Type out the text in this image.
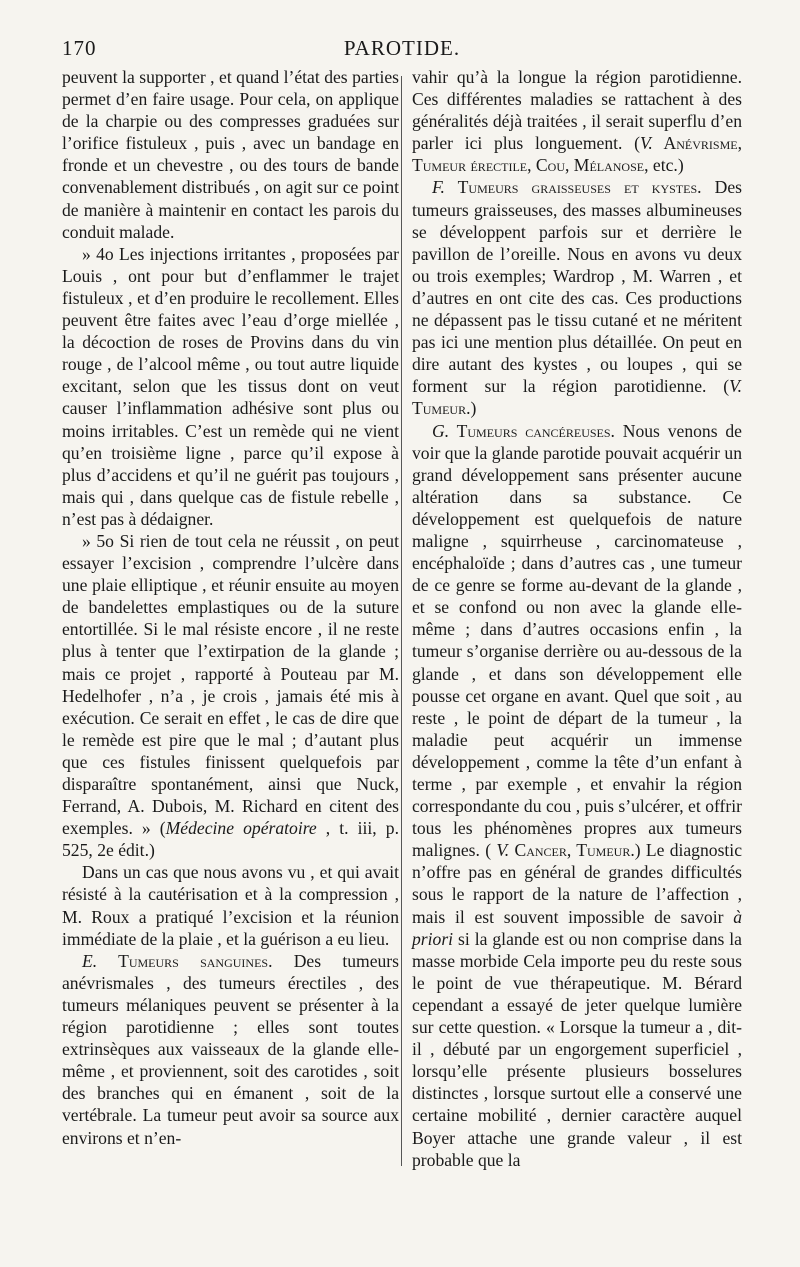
170	PAROTIDE.

peuvent la supporter , et quand l’état des parties permet d’en faire usage. Pour cela, on applique de la charpie ou des compresses graduées sur l’orifice fistuleux , puis , avec un bandage en fronde et un chevestre , ou des tours de bande convenablement distribués , on agit sur ce point de manière à maintenir en contact les parois du conduit malade.

» 4o Les injections irritantes , proposées par Louis , ont pour but d’enflammer le trajet fistuleux , et d’en produire le recollement. Elles peuvent être faites avec l’eau d’orge miellée , la décoction de roses de Provins dans du vin rouge , de l’alcool même , ou tout autre liquide excitant, selon que les tissus dont on veut causer l’inflammation adhésive sont plus ou moins irritables. C’est un remède qui ne vient qu’en troisième ligne , parce qu’il expose à plus d’accidens et qu’il ne guérit pas toujours , mais qui , dans quelque cas de fistule rebelle , n’est pas à dédaigner.

» 5o Si rien de tout cela ne réussit , on peut essayer l’excision , comprendre l’ulcère dans une plaie elliptique , et réunir ensuite au moyen de bandelettes emplastiques ou de la suture entortillée. Si le mal résiste encore , il ne reste plus à tenter que l’extirpation de la glande ; mais ce projet , rapporté à Pouteau par M. Hedelhofer , n’a , je crois , jamais été mis à exécution. Ce serait en effet , le cas de dire que le remède est pire que le mal ; d’autant plus que ces fistules finissent quelquefois par disparaître spontanément, ainsi que Nuck, Ferrand, A. Dubois, M. Richard en citent des exemples. » (Médecine opératoire , t. iii, p. 525, 2e édit.)

Dans un cas que nous avons vu , et qui avait résisté à la cautérisation et à la compression , M. Roux a pratiqué l’excision et la réunion immédiate de la plaie , et la guérison a eu lieu.

E. Tumeurs sanguines. Des tumeurs anévrismales , des tumeurs érectiles , des tumeurs mélaniques peuvent se présenter à la région parotidienne ; elles sont toutes extrinsèques aux vaisseaux de la glande elle-même , et proviennent, soit des carotides , soit des branches qui en émanent , soit de la vertébrale. La tumeur peut avoir sa source aux environs et n’en-

vahir qu’à la longue la région parotidienne. Ces différentes maladies se rattachent à des généralités déjà traitées , il serait superflu d’en parler ici plus longuement. (V. Anévrisme, Tumeur érectile, Cou, Mélanose, etc.)

F. Tumeurs graisseuses et kystes. Des tumeurs graisseuses, des masses albumineuses se développent parfois sur et derrière le pavillon de l’oreille. Nous en avons vu deux ou trois exemples; Wardrop , M. Warren , et d’autres en ont cite des cas. Ces productions ne dépassent pas le tissu cutané et ne méritent pas ici une mention plus détaillée. On peut en dire autant des kystes , ou loupes , qui se forment sur la région parotidienne. (V. Tumeur.)

G. Tumeurs cancéreuses. Nous venons de voir que la glande parotide pouvait acquérir un grand développement sans présenter aucune altération dans sa substance. Ce développement est quelquefois de nature maligne , squirrheuse , carcinomateuse , encéphaloïde ; dans d’autres cas , une tumeur de ce genre se forme au-devant de la glande , et se confond ou non avec la glande elle-même ; dans d’autres occasions enfin , la tumeur s’organise derrière ou au-dessous de la glande , et dans son développement elle pousse cet organe en avant. Quel que soit , au reste , le point de départ de la tumeur , la maladie peut acquérir un immense développement , comme la tête d’un enfant à terme , par exemple , et envahir la région correspondante du cou , puis s’ulcérer, et offrir tous les phénomènes propres aux tumeurs malignes. ( V. Cancer, Tumeur.) Le diagnostic n’offre pas en général de grandes difficultés sous le rapport de la nature de l’affection , mais il est souvent impossible de savoir à priori si la glande est ou non comprise dans la masse morbide Cela importe peu du reste sous le point de vue thérapeutique. M. Bérard cependant a essayé de jeter quelque lumière sur cette question. « Lorsque la tumeur a , dit-il , débuté par un engorgement superficiel , lorsqu’elle présente plusieurs bosselures distinctes , lorsque surtout elle a conservé une certaine mobilité , dernier caractère auquel Boyer attache une grande valeur , il est probable que la
